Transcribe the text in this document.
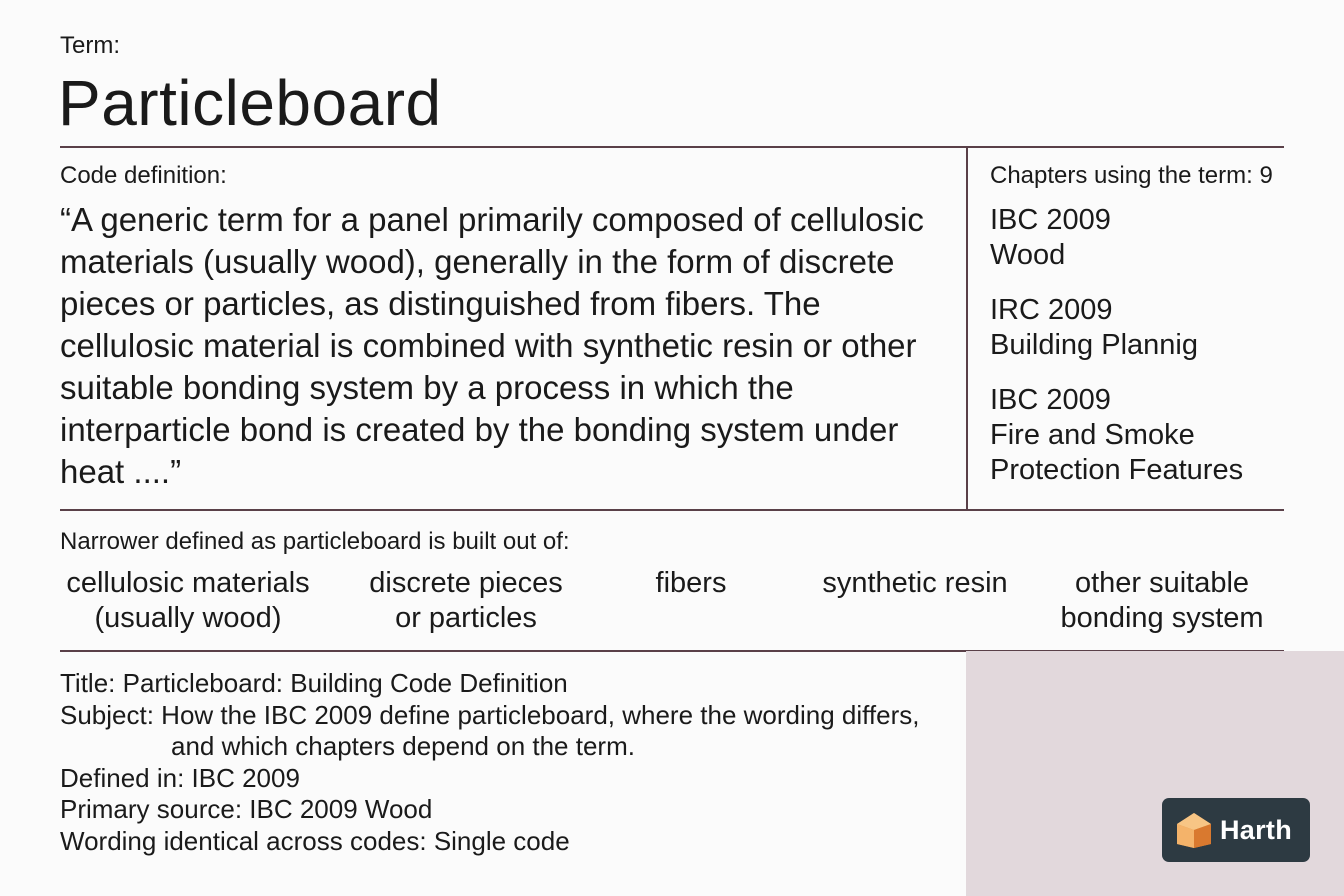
Term:
Particleboard
Code definition:
“A generic term for a panel primarily composed of cellulosic materials (usually wood), generally in the form of discrete pieces or particles, as distinguished from fibers. The cellulosic material is combined with synthetic resin or other suitable bonding system by a process in which the interparticle bond is created by the bonding system under heat ....”
Chapters using the term: 9
IBC 2009
Wood
IRC 2009
Building Plannig
IBC 2009
Fire and Smoke Protection Features
Narrower defined as particleboard is built out of:
cellulosic materials
(usually wood)
discrete pieces
or particles
fibers	synthetic resin	other suitable
bonding system
Title: Particleboard: Building Code Definition
Subject: How the IBC 2009 define particleboard, where the wording differs,
and which chapters depend on the term.
Defined in: IBC 2009
Primary source: IBC 2009 Wood
Wording identical across codes: Single code	Harth
